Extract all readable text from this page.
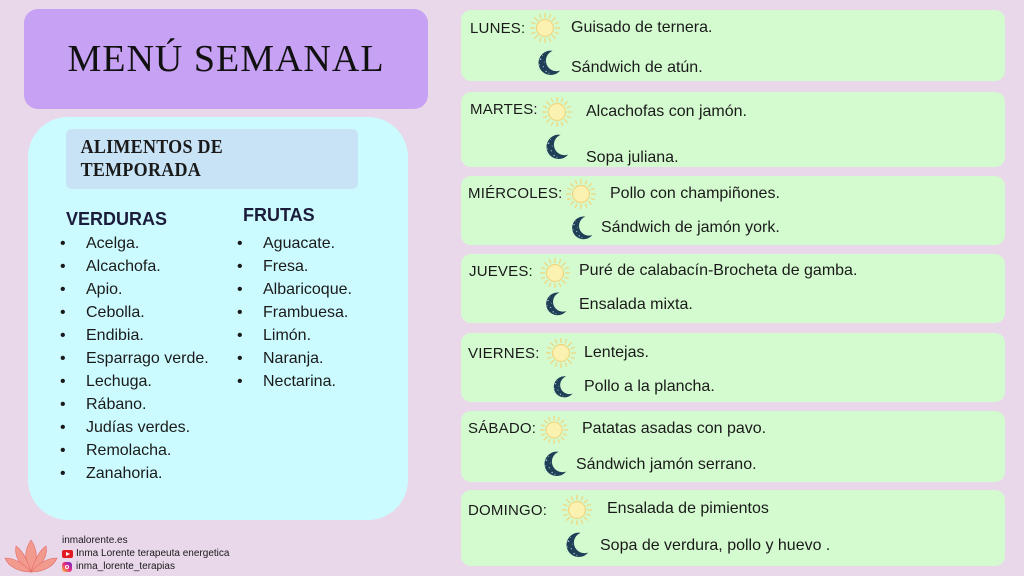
MENÚ SEMANAL
ALIMENTOS DE TEMPORADA
VERDURAS
• Acelga.
• Alcachofa.
• Apio.
• Cebolla.
• Endibia.
• Esparrago verde.
• Lechuga.
• Rábano.
• Judías verdes.
• Remolacha.
• Zanahoria.
FRUTAS
• Aguacate.
• Fresa.
• Albaricoque.
• Frambuesa.
• Limón.
• Naranja.
• Nectarina.
LUNES:	Guisado de ternera.
Sándwich de atún.
MARTES:	Alcachofas con jamón.
Sopa juliana.
MIÉRCOLES:	Pollo con champiñones.
Sándwich de jamón york.
JUEVES:	Puré de calabacín-Brocheta de gamba.
Ensalada mixta.
VIERNES:	Lentejas.
Pollo a la plancha.
SÁBADO:	Patatas asadas con pavo.
Sándwich jamón serrano.
DOMINGO:	Ensalada de pimientos
Sopa de verdura, pollo y huevo .
inmalorente.es
Inma Lorente terapeuta energetica
inma_lorente_terapias
